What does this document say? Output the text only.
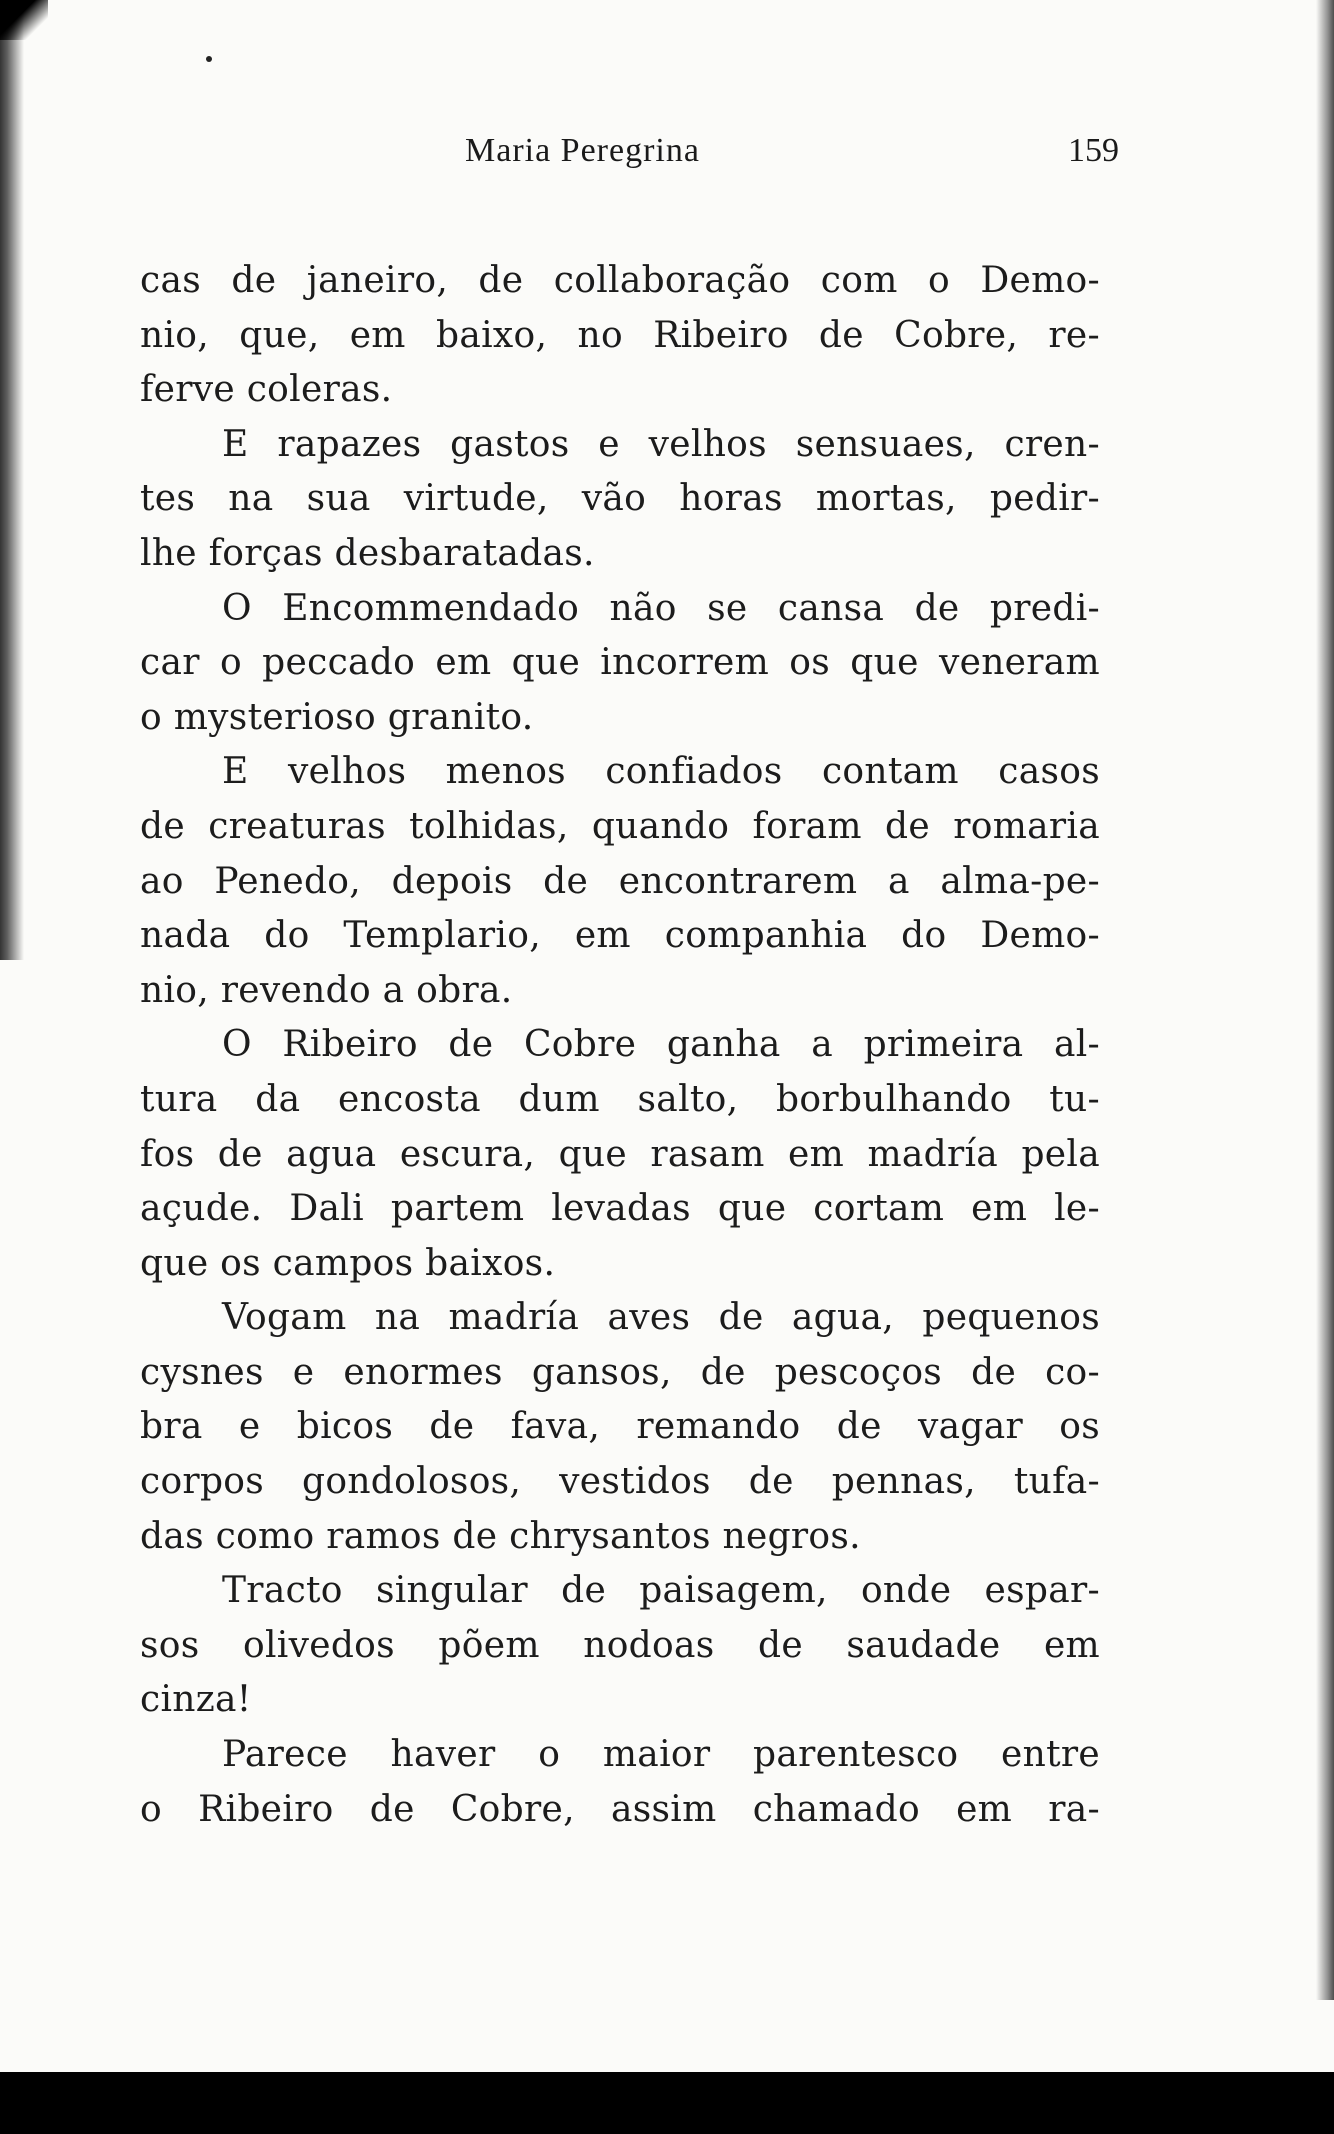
Maria Peregrina	159
cas de janeiro, de collaboração com o Demo-
nio, que, em baixo, no Ribeiro de Cobre, re-
ferve coleras.
E rapazes gastos e velhos sensuaes, cren-
tes na sua virtude, vão horas mortas, pedir-
lhe forças desbaratadas.
O Encommendado não se cansa de predi-
car o peccado em que incorrem os que veneram
o mysterioso granito.
E velhos menos confiados contam casos
de creaturas tolhidas, quando foram de romaria
ao Penedo, depois de encontrarem a alma-pe-
nada do Templario, em companhia do Demo-
nio, revendo a obra.
O Ribeiro de Cobre ganha a primeira al-
tura da encosta dum salto, borbulhando tu-
fos de agua escura, que rasam em madría pela
açude. Dali partem levadas que cortam em le-
que os campos baixos.
Vogam na madría aves de agua, pequenos
cysnes e enormes gansos, de pescoços de co-
bra e bicos de fava, remando de vagar os
corpos gondolosos, vestidos de pennas, tufa-
das como ramos de chrysantos negros.
Tracto singular de paisagem, onde espar-
sos olivedos põem nodoas de saudade em
cinza!
Parece haver o maior parentesco entre
o Ribeiro de Cobre, assim chamado em ra-
